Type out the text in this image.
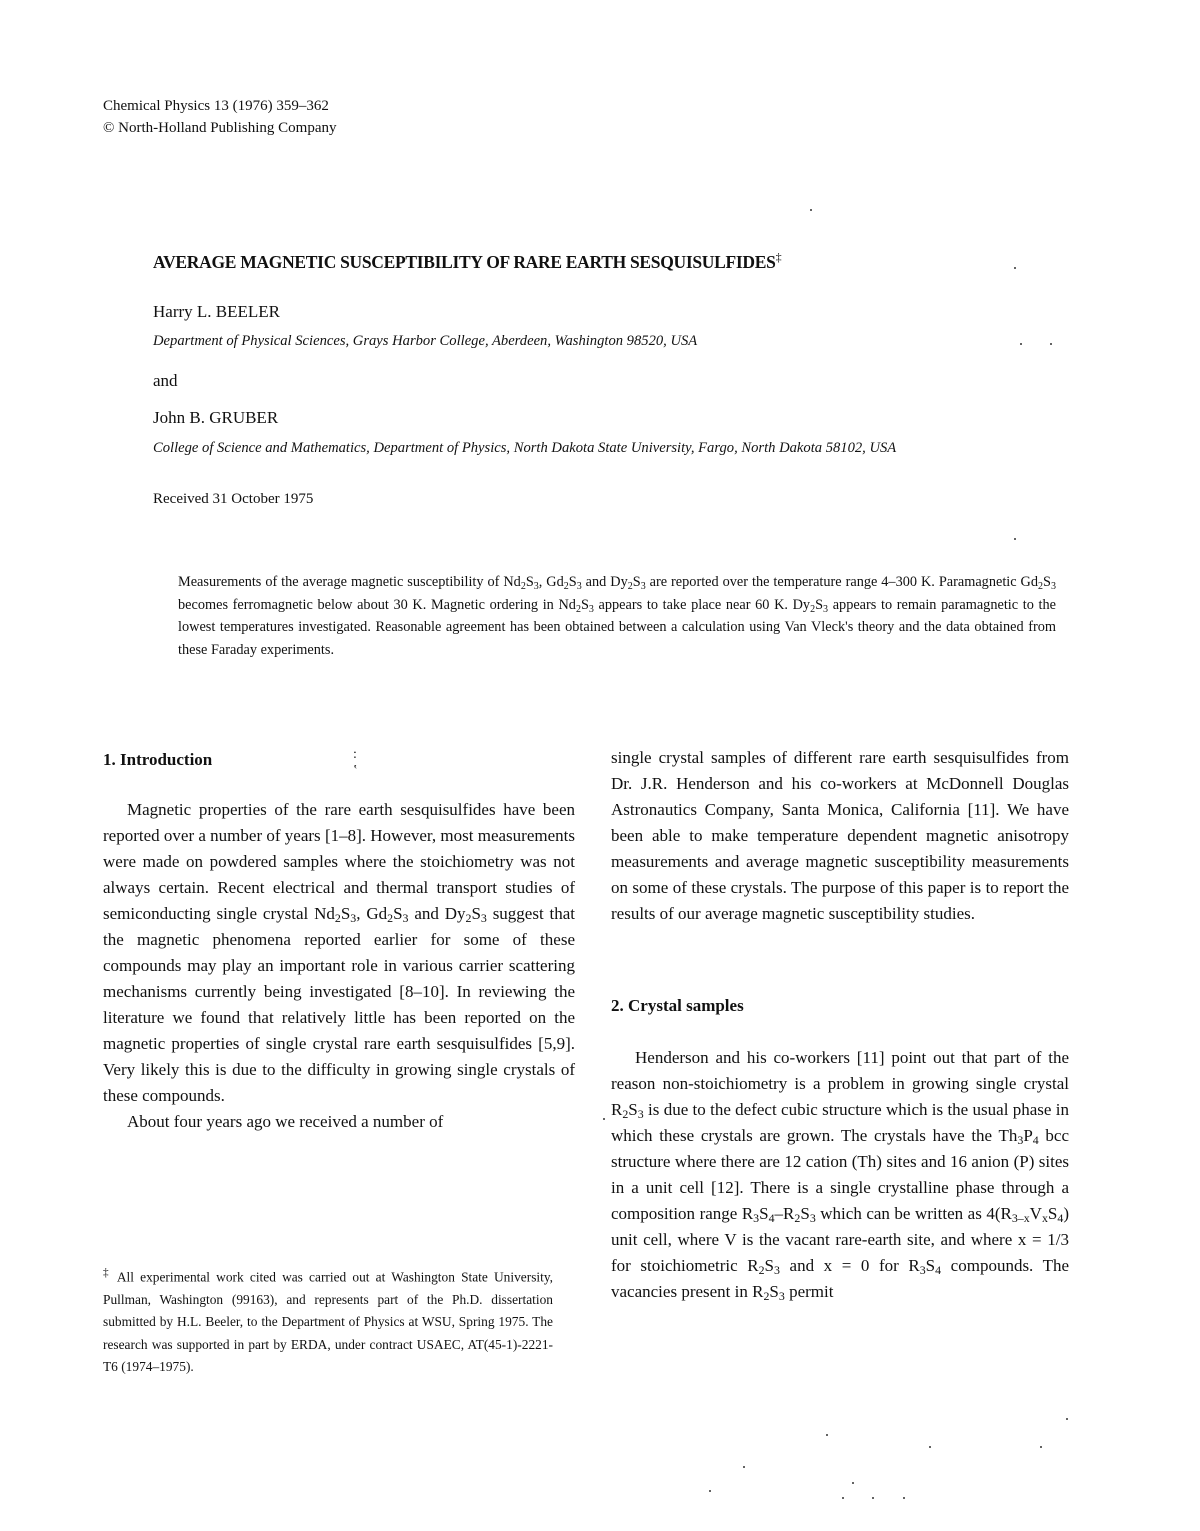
Chemical Physics 13 (1976) 359–362
© North-Holland Publishing Company
AVERAGE MAGNETIC SUSCEPTIBILITY OF RARE EARTH SESQUISULFIDES‡
Harry L. BEELER
Department of Physical Sciences, Grays Harbor College, Aberdeen, Washington 98520, USA
and
John B. GRUBER
College of Science and Mathematics, Department of Physics, North Dakota State University, Fargo, North Dakota 58102, USA
Received 31 October 1975
Measurements of the average magnetic susceptibility of $Nd_2S_3$, $Gd_2S_3$ and $Dy_2S_3$ are reported over the temperature range 4–300 K. Paramagnetic $Gd_2S_3$ becomes ferromagnetic below about 30 K. Magnetic ordering in $Nd_2S_3$ appears to take place near 60 K. $Dy_2S_3$ appears to remain paramagnetic to the lowest temperatures investigated. Reasonable agreement has been obtained between a calculation using Van Vleck's theory and the data obtained from these Faraday experiments.
1. Introduction

Magnetic properties of the rare earth sesquisulfides have been reported over a number of years [1–8]. However, most measurements were made on powdered samples where the stoichiometry was not always certain. Recent electrical and thermal transport studies of semiconducting single crystal $Nd_2S_3$, $Gd_2S_3$ and $Dy_2S_3$ suggest that the magnetic phenomena reported earlier for some of these compounds may play an important role in various carrier scattering mechanisms currently being investigated [8–10]. In reviewing the literature we found that relatively little has been reported on the magnetic properties of single crystal rare earth sesquisulfides [5,9]. Very likely this is due to the difficulty in growing single crystals of these compounds.

About four years ago we received a number of

:
‛

‡ All experimental work cited was carried out at Washington State University, Pullman, Washington (99163), and represents part of the Ph.D. dissertation submitted by H.L. Beeler, to the Department of Physics at WSU, Spring 1975. The research was supported in part by ERDA, under contract USAEC, AT(45-1)-2221-T6 (1974–1975).

single crystal samples of different rare earth sesquisulfides from Dr. J.R. Henderson and his co-workers at McDonnell Douglas Astronautics Company, Santa Monica, California [11]. We have been able to make temperature dependent magnetic anisotropy measurements and average magnetic susceptibility measurements on some of these crystals. The purpose of this paper is to report the results of our average magnetic susceptibility studies.

2. Crystal samples

Henderson and his co-workers [11] point out that part of the reason non-stoichiometry is a problem in growing single crystal $R_2S_3$ is due to the defect cubic structure which is the usual phase in which these crystals are grown. The crystals have the $Th_3P_4$ bcc structure where there are 12 cation (Th) sites and 16 anion (P) sites in a unit cell [12]. There is a single crystalline phase through a composition range $R_3S_4-R_2S_3$ which can be written as $4(R_{3-x}V_xS_4)$ unit cell, where V is the vacant rare-earth site, and where x = 1/3 for stoichiometric $R_2S_3$ and x = 0 for $R_3S_4$ compounds. The vacancies present in $R_2S_3$ permit
